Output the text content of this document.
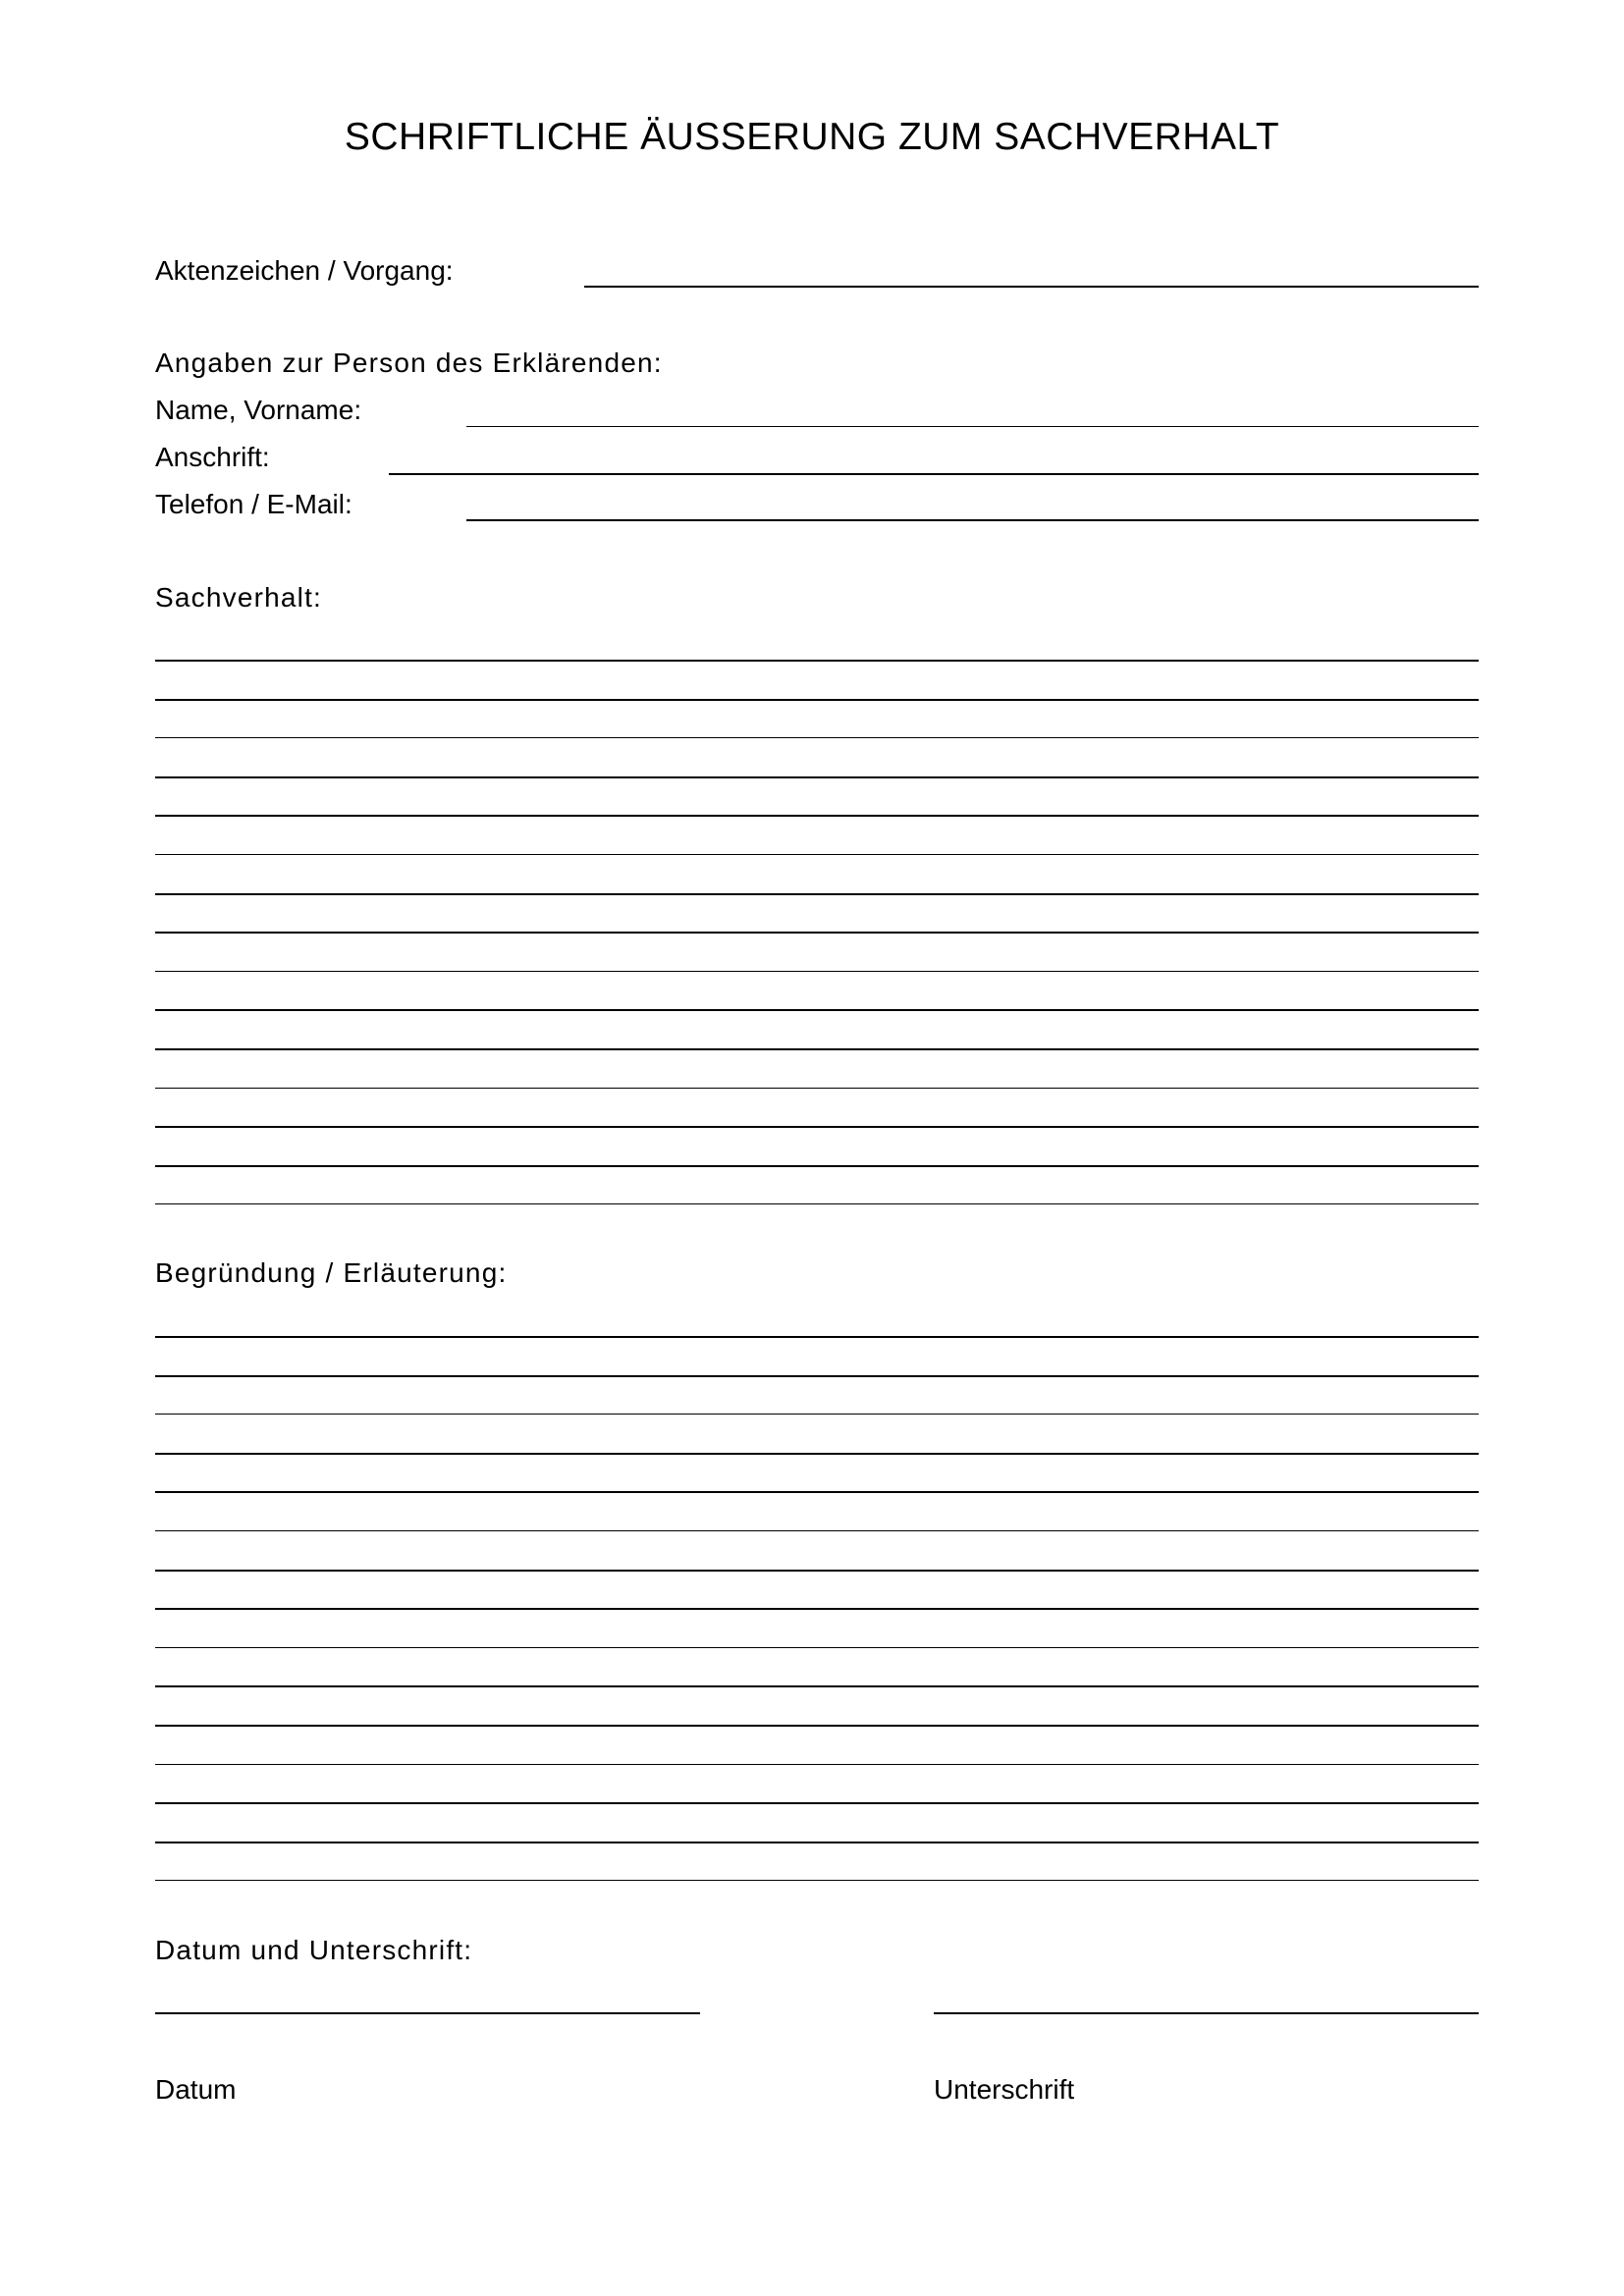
SCHRIFTLICHE ÄUSSERUNG ZUM SACHVERHALT
Aktenzeichen / Vorgang:
Angaben zur Person des Erklärenden:
Name, Vorname:
Anschrift:
Telefon / E-Mail:
Sachverhalt:
Begründung / Erläuterung:
Datum und Unterschrift:
Datum	Unterschrift
